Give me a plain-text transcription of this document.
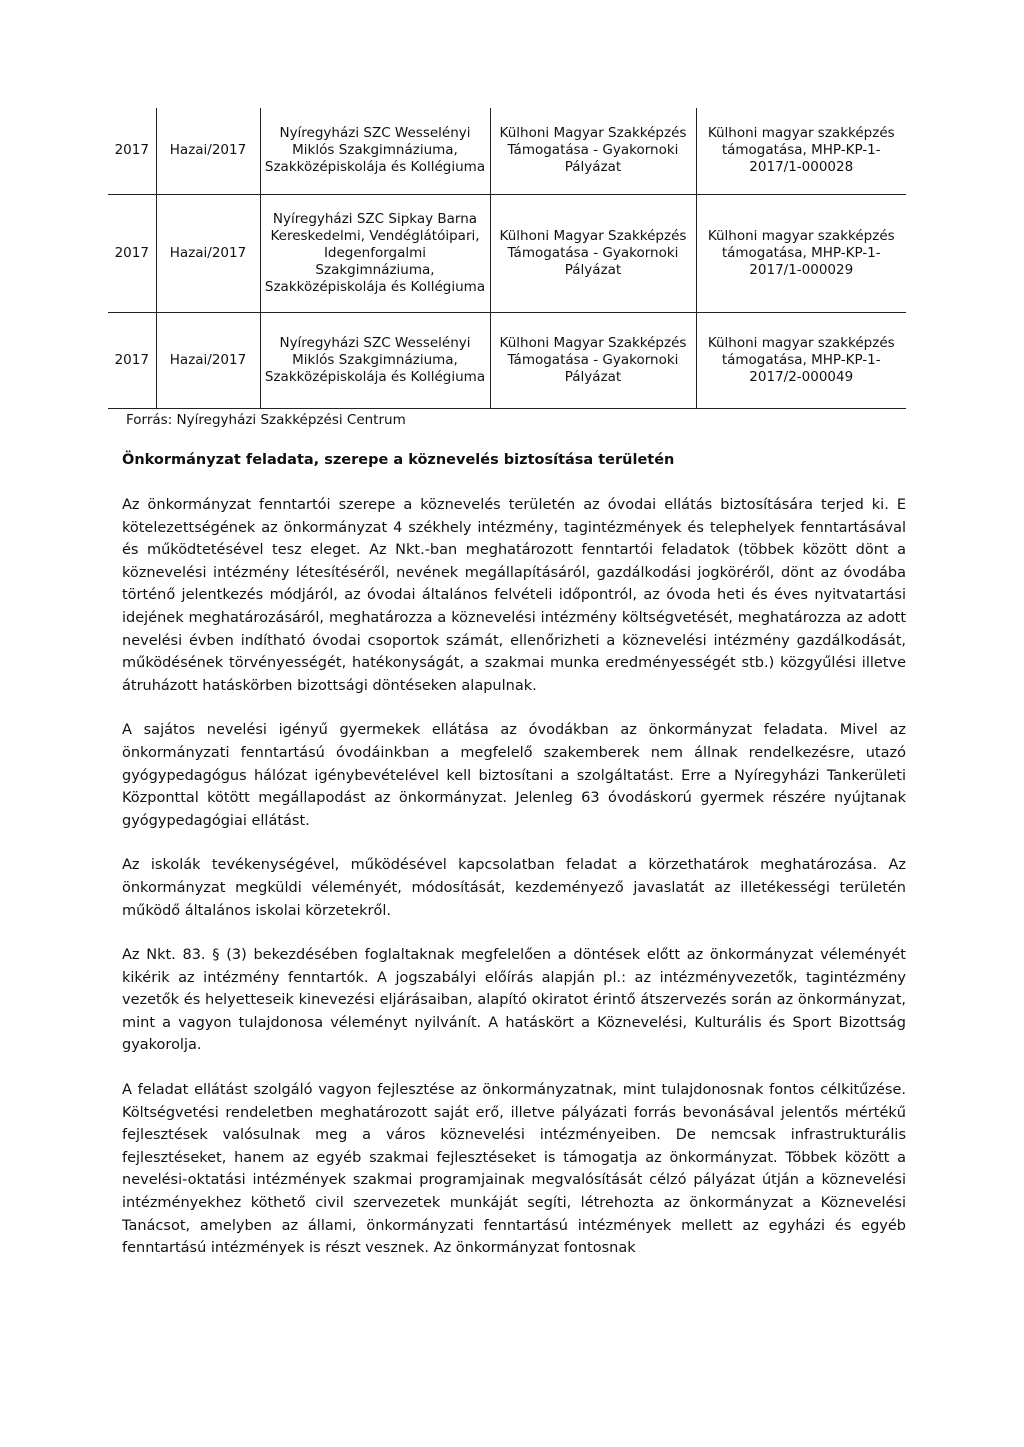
2017	Hazai/2017	Nyíregyházi SZC Wesselényi Miklós Szakgimnáziuma, Szakközépiskolája és Kollégiuma	Külhoni Magyar Szakképzés Támogatása - Gyakornoki Pályázat	Külhoni magyar szakképzés támogatása, MHP-KP-1-2017/1-000028
2017	Hazai/2017	Nyíregyházi SZC Sipkay Barna Kereskedelmi, Vendéglátóipari, Idegenforgalmi Szakgimnáziuma, Szakközépiskolája és Kollégiuma	Külhoni Magyar Szakképzés Támogatása - Gyakornoki Pályázat	Külhoni magyar szakképzés támogatása, MHP-KP-1-2017/1-000029
2017	Hazai/2017	Nyíregyházi SZC Wesselényi Miklós Szakgimnáziuma, Szakközépiskolája és Kollégiuma	Külhoni Magyar Szakképzés Támogatása - Gyakornoki Pályázat	Külhoni magyar szakképzés támogatása, MHP-KP-1-2017/2-000049
Forrás: Nyíregyházi Szakképzési Centrum
Önkormányzat feladata, szerepe a köznevelés biztosítása területén

Az önkormányzat fenntartói szerepe a köznevelés területén az óvodai ellátás biztosítására terjed ki. E kötelezettségének az önkormányzat 4 székhely intézmény, tagintézmények és telephelyek fenntartásával és működtetésével tesz eleget. Az Nkt.-ban meghatározott fenntartói feladatok (többek között dönt a köznevelési intézmény létesítéséről, nevének megállapításáról, gazdálkodási jogköréről, dönt az óvodába történő jelentkezés módjáról, az óvodai általános felvételi időpontról, az óvoda heti és éves nyitvatartási idejének meghatározásáról, meghatározza a köznevelési intézmény költségvetését, meghatározza az adott nevelési évben indítható óvodai csoportok számát, ellenőrizheti a köznevelési intézmény gazdálkodását, működésének törvényességét, hatékonyságát, a szakmai munka eredményességét stb.) közgyűlési illetve átruházott hatáskörben bizottsági döntéseken alapulnak.

A sajátos nevelési igényű gyermekek ellátása az óvodákban az önkormányzat feladata. Mivel az önkormányzati fenntartású óvodáinkban a megfelelő szakemberek nem állnak rendelkezésre, utazó gyógypedagógus hálózat igénybevételével kell biztosítani a szolgáltatást. Erre a Nyíregyházi Tankerületi Központtal kötött megállapodást az önkormányzat. Jelenleg 63 óvodáskorú gyermek részére nyújtanak gyógypedagógiai ellátást.

Az iskolák tevékenységével, működésével kapcsolatban feladat a körzethatárok meghatározása. Az önkormányzat megküldi véleményét, módosítását, kezdeményező javaslatát az illetékességi területén működő általános iskolai körzetekről.

Az Nkt. 83. § (3) bekezdésében foglaltaknak megfelelően a döntések előtt az önkormányzat véleményét kikérik az intézmény fenntartók. A jogszabályi előírás alapján pl.: az intézményvezetők, tagintézmény vezetők és helyetteseik kinevezési eljárásaiban, alapító okiratot érintő átszervezés során az önkormányzat, mint a vagyon tulajdonosa véleményt nyilvánít. A hatáskört a Köznevelési, Kulturális és Sport Bizottság gyakorolja.

A feladat ellátást szolgáló vagyon fejlesztése az önkormányzatnak, mint tulajdonosnak fontos célkitűzése. Költségvetési rendeletben meghatározott saját erő, illetve pályázati forrás bevonásával jelentős mértékű fejlesztések valósulnak meg a város köznevelési intézményeiben. De nemcsak infrastrukturális fejlesztéseket, hanem az egyéb szakmai fejlesztéseket is támogatja az önkormányzat. Többek között a nevelési-oktatási intézmények szakmai programjainak megvalósítását célzó pályázat útján a köznevelési intézményekhez köthető civil szervezetek munkáját segíti, létrehozta az önkormányzat a Köznevelési Tanácsot, amelyben az állami, önkormányzati fenntartású intézmények mellett az egyházi és egyéb fenntartású intézmények is részt vesznek. Az önkormányzat fontosnak
